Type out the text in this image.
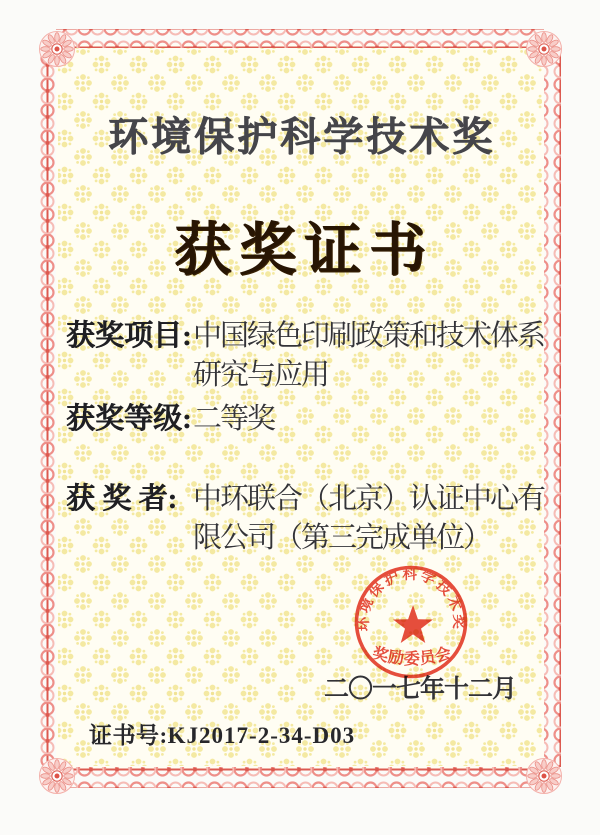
环境保护科学技术奖
获奖证书
获奖项目: 中国绿色印刷政策和技术体系
研究与应用
获奖等级: 二等奖
获 奖 者: 中环联合（北京）认证中心有
限公司（第三完成单位）
二〇一七年十二月
证书号:KJ2017-2-34-D03
环境保护科学技术奖
奖励委员会
